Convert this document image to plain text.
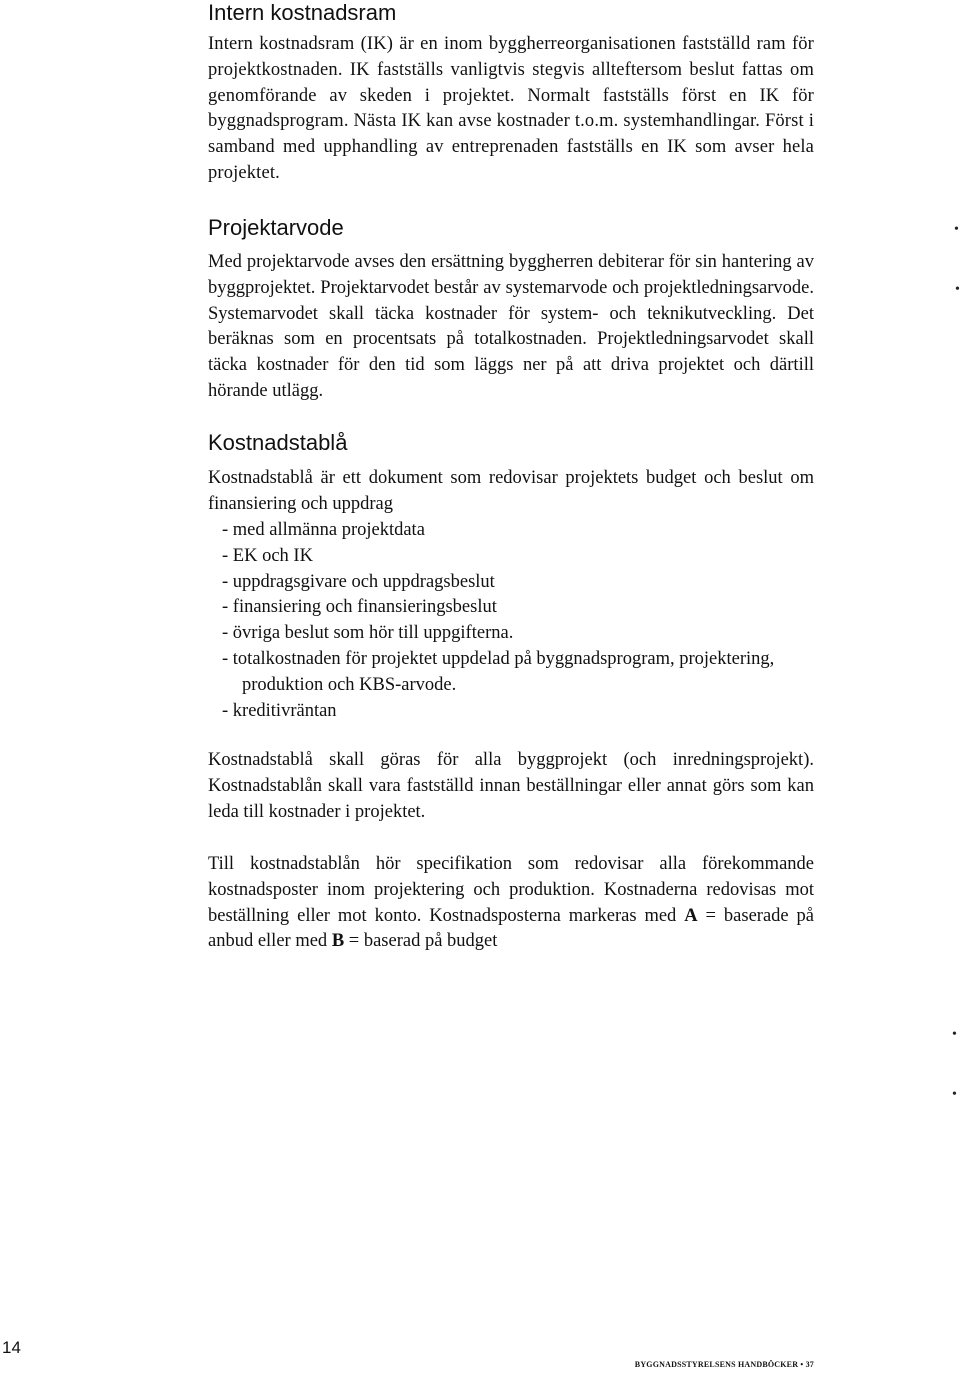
Intern kostnadsram

Intern kostnadsram (IK) är en inom byggherreorganisationen fastställd ram för projektkostnaden. IK fastställs vanligtvis stegvis allteftersom beslut fattas om genomförande av skeden i projektet. Normalt fastställs först en IK för byggnadsprogram. Nästa IK kan avse kostnader t.o.m. systemhandlingar. Först i samband med upphandling av entreprenaden fastställs en IK som avser hela projektet.

Projektarvode

Med projektarvode avses den ersättning byggherren debiterar för sin hantering av byggprojektet. Projektarvodet består av systemarvode och projektledningsarvode. Systemarvodet skall täcka kostnader för system- och teknikutveckling. Det beräknas som en procentsats på totalkostnaden. Projektledningsarvodet skall täcka kostnader för den tid som läggs ner på att driva projektet och därtill hörande utlägg.

Kostnadstablå

Kostnadstablå är ett dokument som redovisar projektets budget och beslut om finansiering och uppdrag

- med allmänna projektdata
- EK och IK
- uppdragsgivare och uppdragsbeslut
- finansiering och finansieringsbeslut
- övriga beslut som hör till uppgifterna.
- totalkostnaden för projektet uppdelad på byggnadsprogram, projektering, produktion och KBS-arvode.
- kreditivräntan

Kostnadstablå skall göras för alla byggprojekt (och inredningsprojekt). Kostnadstablån skall vara fastställd innan beställningar eller annat görs som kan leda till kostnader i projektet.

Till kostnadstablån hör specifikation som redovisar alla förekommande kostnadsposter inom projektering och produktion. Kostnaderna redovisas mot beställning eller mot konto. Kostnadsposterna markeras med A = baserade på anbud eller med B = baserad på budget

•
•
•
•
14
BYGGNADSSTYRELSENS HANDBÖCKER • 37
